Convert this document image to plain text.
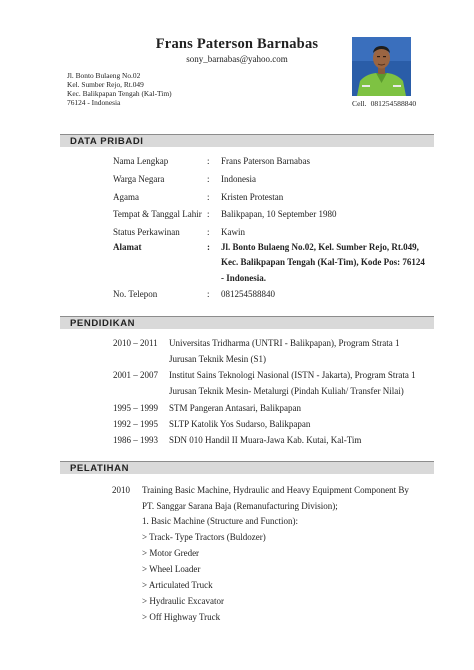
Frans Paterson Barnabas
sony_barnabas@yahoo.com
Jl. Bonto Bulaeng No.02
Kel. Sumber Rejo, Rt.049
Kec. Balikpapan Tengah (Kal-Tim)
76124 - Indonesia	Cell. 081254588840
DATA PRIBADI
Nama Lengkap	: Frans Paterson Barnabas
Warga Negara	: Indonesia
Agama	: Kristen Protestan
Tempat & Tanggal Lahir : Balikpapan, 10 September 1980
Status Perkawinan	: Kawin
Alamat	: Jl. Bonto Bulaeng No.02, Kel. Sumber Rejo, Rt.049,
Kec. Balikpapan Tengah (Kal-Tim), Kode Pos: 76124
- Indonesia.
No. Telepon	: 081254588840
PENDIDIKAN
2010 – 2011 Universitas Tridharma (UNTRI - Balikpapan), Program Strata 1
Jurusan Teknik Mesin (S1)
2001 – 2007 Institut Sains Teknologi Nasional (ISTN - Jakarta), Program Strata 1
Jurusan Teknik Mesin- Metalurgi (Pindah Kuliah/ Transfer Nilai)
1995 – 1999 STM Pangeran Antasari, Balikpapan
1992 – 1995 SLTP Katolik Yos Sudarso, Balikpapan
1986 – 1993 SDN 010 Handil II Muara-Jawa Kab. Kutai, Kal-Tim
PELATIHAN
2010 Training Basic Machine, Hydraulic and Heavy Equipment Component By
PT. Sanggar Sarana Baja (Remanufacturing Division);
1. Basic Machine (Structure and Function):
> Track- Type Tractors (Buldozer)
> Motor Greder
> Wheel Loader
> Articulated Truck
> Hydraulic Excavator
> Off Highway Truck
